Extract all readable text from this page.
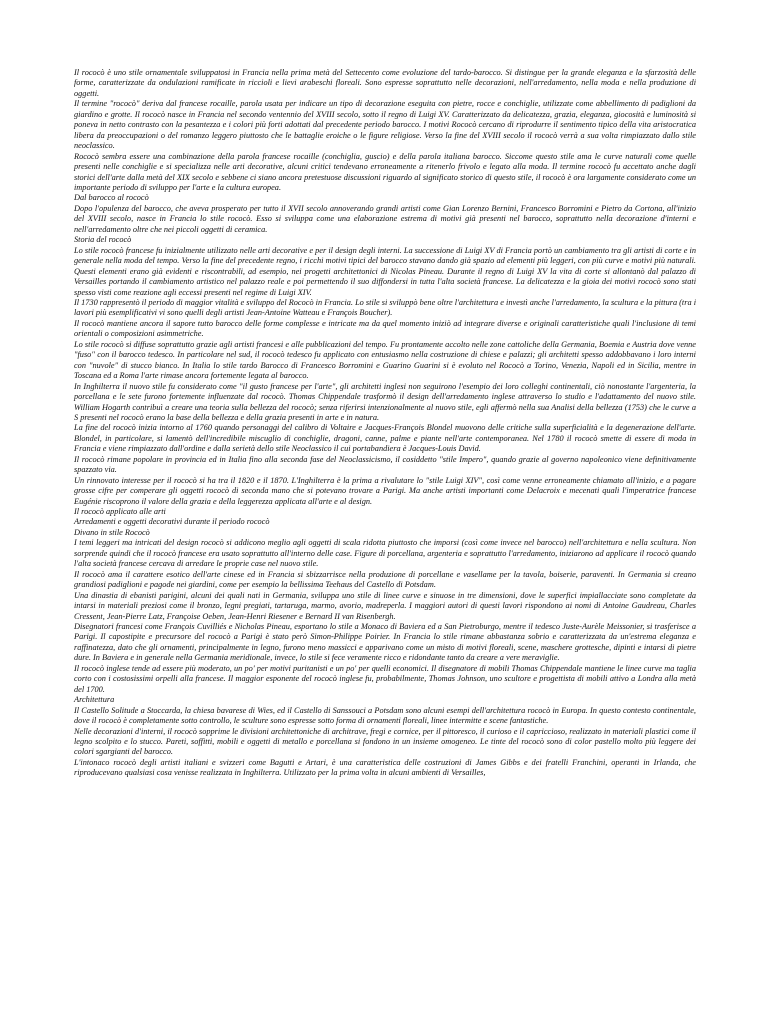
Il rococò è uno stile ornamentale sviluppatosi in Francia nella prima metà del Settecento come evoluzione del tardo-barocco. Si distingue per la grande eleganza e la sfarzosità delle forme, caratterizzate da ondulazioni ramificate in riccioli e lievi arabeschi floreali. Sono espresse soprattutto nelle decorazioni, nell'arredamento, nella moda e nella produzione di oggetti.

Il termine "rococò" deriva dal francese rocaille, parola usata per indicare un tipo di decorazione eseguita con pietre, rocce e conchiglie, utilizzate come abbellimento di padiglioni da giardino e grotte. Il rococò nasce in Francia nel secondo ventennio del XVIII secolo, sotto il regno di Luigi XV. Caratterizzato da delicatezza, grazia, eleganza, giocosità e luminosità si poneva in netto contrasto con la pesantezza e i colori più forti adottati dal precedente periodo barocco. I motivi Rococò cercano di riprodurre il sentimento tipico della vita aristocratica libera da preoccupazioni o del romanzo leggero piuttosto che le battaglie eroiche o le figure religiose. Verso la fine del XVIII secolo il rococò verrà a sua volta rimpiazzato dallo stile neoclassico.

Rococò sembra essere una combinazione della parola francese rocaille (conchiglia, guscio) e della parola italiana barocco. Siccome questo stile ama le curve naturali come quelle presenti nelle conchiglie e si specializza nelle arti decorative, alcuni critici tendevano erroneamente a ritenerlo frivolo e legato alla moda. Il termine rococò fu accettato anche dagli storici dell'arte dalla metà del XIX secolo e sebbene ci siano ancora pretestuose discussioni riguardo al significato storico di questo stile, il rococò è ora largamente considerato come un importante periodo di sviluppo per l'arte e la cultura europea.

Dal barocco al rococò

Dopo l'opulenza del barocco, che aveva prosperato per tutto il XVII secolo annoverando grandi artisti come Gian Lorenzo Bernini, Francesco Borromini e Pietro da Cortona, all'inizio del XVIII secolo, nasce in Francia lo stile rococò. Esso si sviluppa come una elaborazione estrema di motivi già presenti nel barocco, soprattutto nella decorazione d'interni e nell'arredamento oltre che nei piccoli oggetti di ceramica.

Storia del rococò

Lo stile rococò francese fu inizialmente utilizzato nelle arti decorative e per il design degli interni. La successione di Luigi XV di Francia portò un cambiamento tra gli artisti di corte e in generale nella moda del tempo. Verso la fine del precedente regno, i ricchi motivi tipici del barocco stavano dando già spazio ad elementi più leggeri, con più curve e motivi più naturali. Questi elementi erano già evidenti e riscontrabili, ad esempio, nei progetti architettonici di Nicolas Pineau. Durante il regno di Luigi XV la vita di corte si allontanò dal palazzo di Versailles portando il cambiamento artistico nel palazzo reale e poi permettendo il suo diffondersi in tutta l'alta società francese. La delicatezza e la gioia dei motivi rococò sono stati spesso visti come reazione agli eccessi presenti nel regime di Luigi XIV.

Il 1730 rappresentò il periodo di maggior vitalità e sviluppo del Rococò in Francia. Lo stile si sviluppò bene oltre l'architettura e investì anche l'arredamento, la scultura e la pittura (tra i lavori più esemplificativi vi sono quelli degli artisti Jean-Antoine Watteau e François Boucher).

Il rococò mantiene ancora il sapore tutto barocco delle forme complesse e intricate ma da quel momento iniziò ad integrare diverse e originali caratteristiche quali l'inclusione di temi orientali o composizioni asimmetriche.

Lo stile rococò si diffuse soprattutto grazie agli artisti francesi e alle pubblicazioni del tempo. Fu prontamente accolto nelle zone cattoliche della Germania, Boemia e Austria dove venne "fuso" con il barocco tedesco. In particolare nel sud, il rococò tedesco fu applicato con entusiasmo nella costruzione di chiese e palazzi; gli architetti spesso addobbavano i loro interni con "nuvole" di stucco bianco. In Italia lo stile tardo Barocco di Francesco Borromini e Guarino Guarini si è evoluto nel Rococò a Torino, Venezia, Napoli ed in Sicilia, mentre in Toscana ed a Roma l'arte rimase ancora fortemente legata al barocco.

In Inghilterra il nuovo stile fu considerato come "il gusto francese per l'arte", gli architetti inglesi non seguirono l'esempio dei loro colleghi continentali, ciò nonostante l'argenteria, la porcellana e le sete furono fortemente influenzate dal rococò. Thomas Chippendale trasformò il design dell'arredamento inglese attraverso lo studio e l'adattamento del nuovo stile. William Hogarth contribuì a creare una teoria sulla bellezza del rococò; senza riferirsi intenzionalmente al nuovo stile, egli affermò nella sua Analisi della bellezza (1753) che le curve a S presenti nel rococò erano la base della bellezza e della grazia presenti in arte e in natura.

La fine del rococò inizia intorno al 1760 quando personaggi del calibro di Voltaire e Jacques-François Blondel muovono delle critiche sulla superficialità e la degenerazione dell'arte. Blondel, in particolare, si lamentò dell'incredibile miscuglio di conchiglie, dragoni, canne, palme e piante nell'arte contemporanea. Nel 1780 il rococò smette di essere di moda in Francia e viene rimpiazzato dall'ordine e dalla serietà dello stile Neoclassico il cui portabandiera è Jacques-Louis David.

Il rococò rimane popolare in provincia ed in Italia fino alla seconda fase del Neoclassicismo, il cosiddetto "stile Impero", quando grazie al governo napoleonico viene definitivamente spazzato via.

Un rinnovato interesse per il rococò si ha tra il 1820 e il 1870. L'Inghilterra è la prima a rivalutare lo "stile Luigi XIV", così come venne erroneamente chiamato all'inizio, e a pagare grosse cifre per comperare gli oggetti rococò di seconda mano che si potevano trovare a Parigi. Ma anche artisti importanti come Delacroix e mecenati quali l'imperatrice francese Eugénie riscoprono il valore della grazia e della leggerezza applicata all'arte e al design.

Il rococò applicato alle arti

Arredamenti e oggetti decorativi durante il periodo rococò

Divano in stile Rococò

I temi leggeri ma intricati del design rococò si addicono meglio agli oggetti di scala ridotta piuttosto che imporsi (così come invece nel barocco) nell'architettura e nella scultura. Non sorprende quindi che il rococò francese era usato soprattutto all'interno delle case. Figure di porcellana, argenteria e soprattutto l'arredamento, iniziarono ad applicare il rococò quando l'alta società francese cercava di arredare le proprie case nel nuovo stile.

Il rococò ama il carattere esotico dell'arte cinese ed in Francia si sbizzarrisce nella produzione di porcellane e vasellame per la tavola, boiserie, paraventi. In Germania si creano grandiosi padiglioni e pagode nei giardini, come per esempio la bellissima Teehaus del Castello di Potsdam.

Una dinastia di ebanisti parigini, alcuni dei quali nati in Germania, sviluppa uno stile di linee curve e sinuose in tre dimensioni, dove le superfici impiallacciate sono completate da intarsi in materiali preziosi come il bronzo, legni pregiati, tartaruga, marmo, avorio, madreperla. I maggiori autori di questi lavori rispondono ai nomi di Antoine Gaudreau, Charles Cressent, Jean-Pierre Latz, Françoise Oeben, Jean-Henri Riesener e Bernard II van Risenbergh.

Disegnatori francesi come François Cuvilliés e Nicholas Pineau, esportano lo stile a Monaco di Baviera ed a San Pietroburgo, mentre il tedesco Juste-Aurèle Meissonier, si trasferisce a Parigi. Il capostipite e precursore del rococò a Parigi è stato però Simon-Philippe Poirier. In Francia lo stile rimane abbastanza sobrio e caratterizzata da un'estrema eleganza e raffinatezza, dato che gli ornamenti, principalmente in legno, furono meno massicci e apparivano come un misto di motivi floreali, scene, maschere grottesche, dipinti e intarsi di pietre dure. In Baviera e in generale nella Germania meridionale, invece, lo stile si fece veramente ricco e ridondante tanto da creare a vere meraviglie.

Il rococò inglese tende ad essere più moderato, un po' per motivi puritanisti e un po' per quelli economici. Il disegnatore di mobili Thomas Chippendale mantiene le linee curve ma taglia corto con i costosissimi orpelli alla francese. Il maggior esponente del rococò inglese fu, probabilmente, Thomas Johnson, uno scultore e progettista di mobili attivo a Londra alla metà del 1700.

Architettura

Il Castello Solitude a Stoccarda, la chiesa bavarese di Wies, ed il Castello di Sanssouci a Potsdam sono alcuni esempi dell'architettura rococò in Europa. In questo contesto continentale, dove il rococò è completamente sotto controllo, le sculture sono espresse sotto forma di ornamenti floreali, linee intermitte e scene fantastiche.

Nelle decorazioni d'interni, il rococò sopprime le divisioni architettoniche di architrave, fregi e cornice, per il pittoresco, il curioso e il capriccioso, realizzato in materiali plastici come il legno scolpito e lo stucco. Pareti, soffitti, mobili e oggetti di metallo e porcellana si fondono in un insieme omogeneo. Le tinte del rococò sono di color pastello molto più leggere dei colori sgargianti del barocco.

L'intonaco rococò degli artisti italiani e svizzeri come Bagutti e Artari, è una caratteristica delle costruzioni di James Gibbs e dei fratelli Franchini, operanti in Irlanda, che riproducevano qualsiasi cosa venisse realizzata in Inghilterra. Utilizzato per la prima volta in alcuni ambienti di Versailles,
